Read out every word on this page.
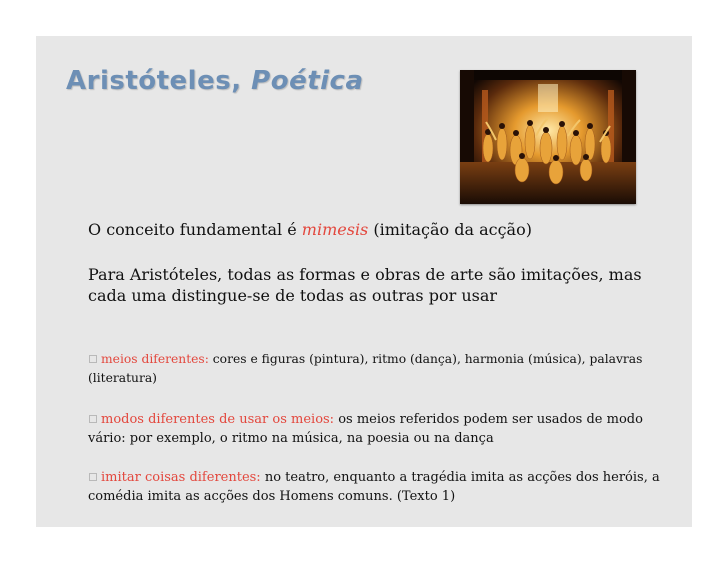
Aristóteles, Poética

O conceito fundamental é mimesis (imitação da acção)

Para Aristóteles, todas as formas e obras de arte são imitações, mas cada uma distingue-se de todas as outras por usar

meios diferentes: cores e figuras (pintura), ritmo (dança), harmonia (música), palavras (literatura)

modos diferentes de usar os meios: os meios referidos podem ser usados de modo vário: por exemplo, o ritmo na música, na poesia ou na dança

imitar coisas diferentes: no teatro, enquanto a tragédia imita as acções dos heróis, a comédia imita as acções dos Homens comuns. (Texto 1)
